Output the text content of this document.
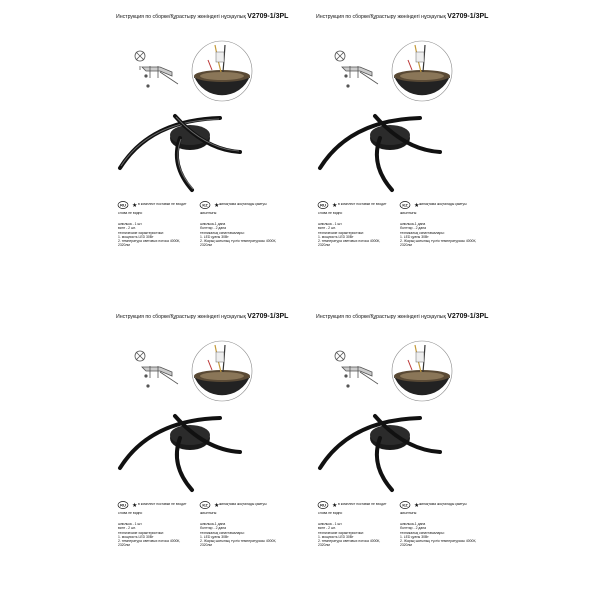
Инструкция по сборке/Құрастыру жөніндегі нұсқаулық V2709-1/3PL
RU ★	KZ ★
в комплект поставки не входит
слова не видно
жинақтама жоқталады қамтуы
жиынтығы:
шпилька - 1 шт.
винт - 2 шт.
технические характеристики:
1. мощность LED 30Вт
2. температура световых потока 4000К,
2320лм
шпилька-1 дана
болттар - 2 дана
техникалық сипаттамалары:
1. LED қуаты 30Вт
2. Жарық шоғының түстік температурасы 4000К,
2320лм
Инструкция по сборке/Құрастыру жөніндегі нұсқаулық V2709-1/3PL
RU ★	KZ ★
в комплект поставки не входит
слова не видно
жинақтама жоқталады қамтуы
жиынтығы:
шпилька - 1 шт.
винт - 2 шт.
технические характеристики:
1. мощность LED 30Вт
2. температура световых потока 4000К,
2320лм
шпилька-1 дана
болттар - 2 дана
техникалық сипаттамалары:
1. LED қуаты 30Вт
2. Жарық шоғының түстік температурасы 4000К,
2320лм
Инструкция по сборке/Құрастыру жөніндегі нұсқаулық V2709-1/3PL
RU ★	KZ ★
в комплект поставки не входит
слова не видно
жинақтама жоқталады қамтуы
жиынтығы:
шпилька - 1 шт.
винт - 2 шт.
технические характеристики:
1. мощность LED 30Вт
2. температура световых потока 4000К,
2320лм
шпилька-1 дана
болттар - 2 дана
техникалық сипаттамалары:
1. LED қуаты 30Вт
2. Жарық шоғының түстік температурасы 4000К,
2320лм
Инструкция по сборке/Құрастыру жөніндегі нұсқаулық V2709-1/3PL
RU ★	KZ ★
в комплект поставки не входит
слова не видно
жинақтама жоқталады қамтуы
жиынтығы:
шпилька - 1 шт.
винт - 2 шт.
технические характеристики:
1. мощность LED 30Вт
2. температура световых потока 4000К,
2320лм
шпилька-1 дана
болттар - 2 дана
техникалық сипаттамалары:
1. LED қуаты 30Вт
2. Жарық шоғының түстік температурасы 4000К,
2320лм
